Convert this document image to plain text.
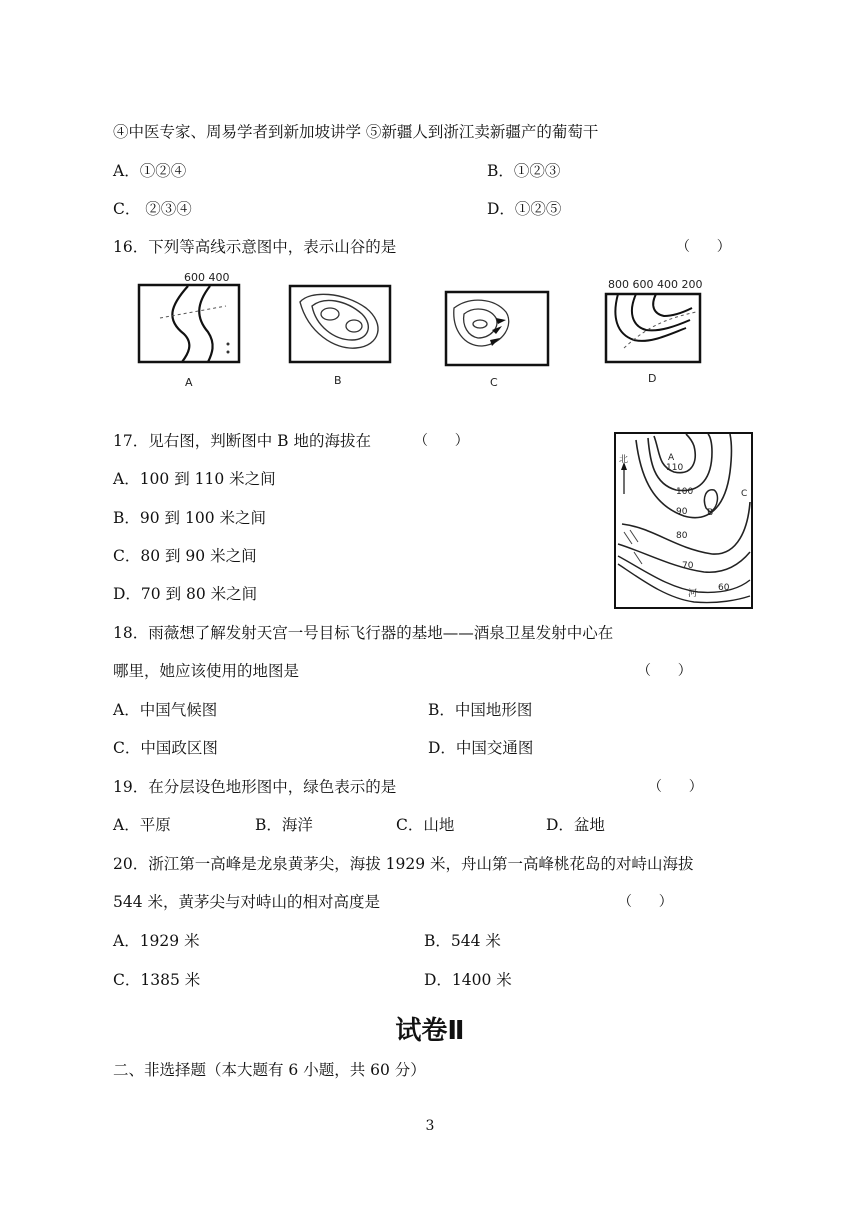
④中医专家、周易学者到新加坡讲学 ⑤新疆人到浙江卖新疆产的葡萄干
A．①②④	B．①②③
C． ②③④	D．①②⑤
16．下列等高线示意图中，表示山谷的是	（      ）
600 400
A	B	C
800 600 400 200
D
17．见右图，判断图中 B 地的海拔在	（      ）
A．100 到 110 米之间
B．90 到 100 米之间
C．80 到 90 米之间
D．70 到 80 米之间
北	A
110
100	C
90 B
80
70
60
河
18．雨薇想了解发射天宫一号目标飞行器的基地——酒泉卫星发射中心在
哪里，她应该使用的地图是	（      ）
A．中国气候图	B．中国地形图
C．中国政区图	D．中国交通图
19．在分层设色地形图中，绿色表示的是	（      ）
A．平原	B．海洋	C．山地	D．盆地
20．浙江第一高峰是龙泉黄茅尖，海拔 1929 米，舟山第一高峰桃花岛的对峙山海拔
544 米，黄茅尖与对峙山的相对高度是	（      ）
A．1929 米	B．544 米
C．1385 米	D．1400 米
试卷Ⅱ
二、非选择题（本大题有 6 小题，共 60 分）
3
